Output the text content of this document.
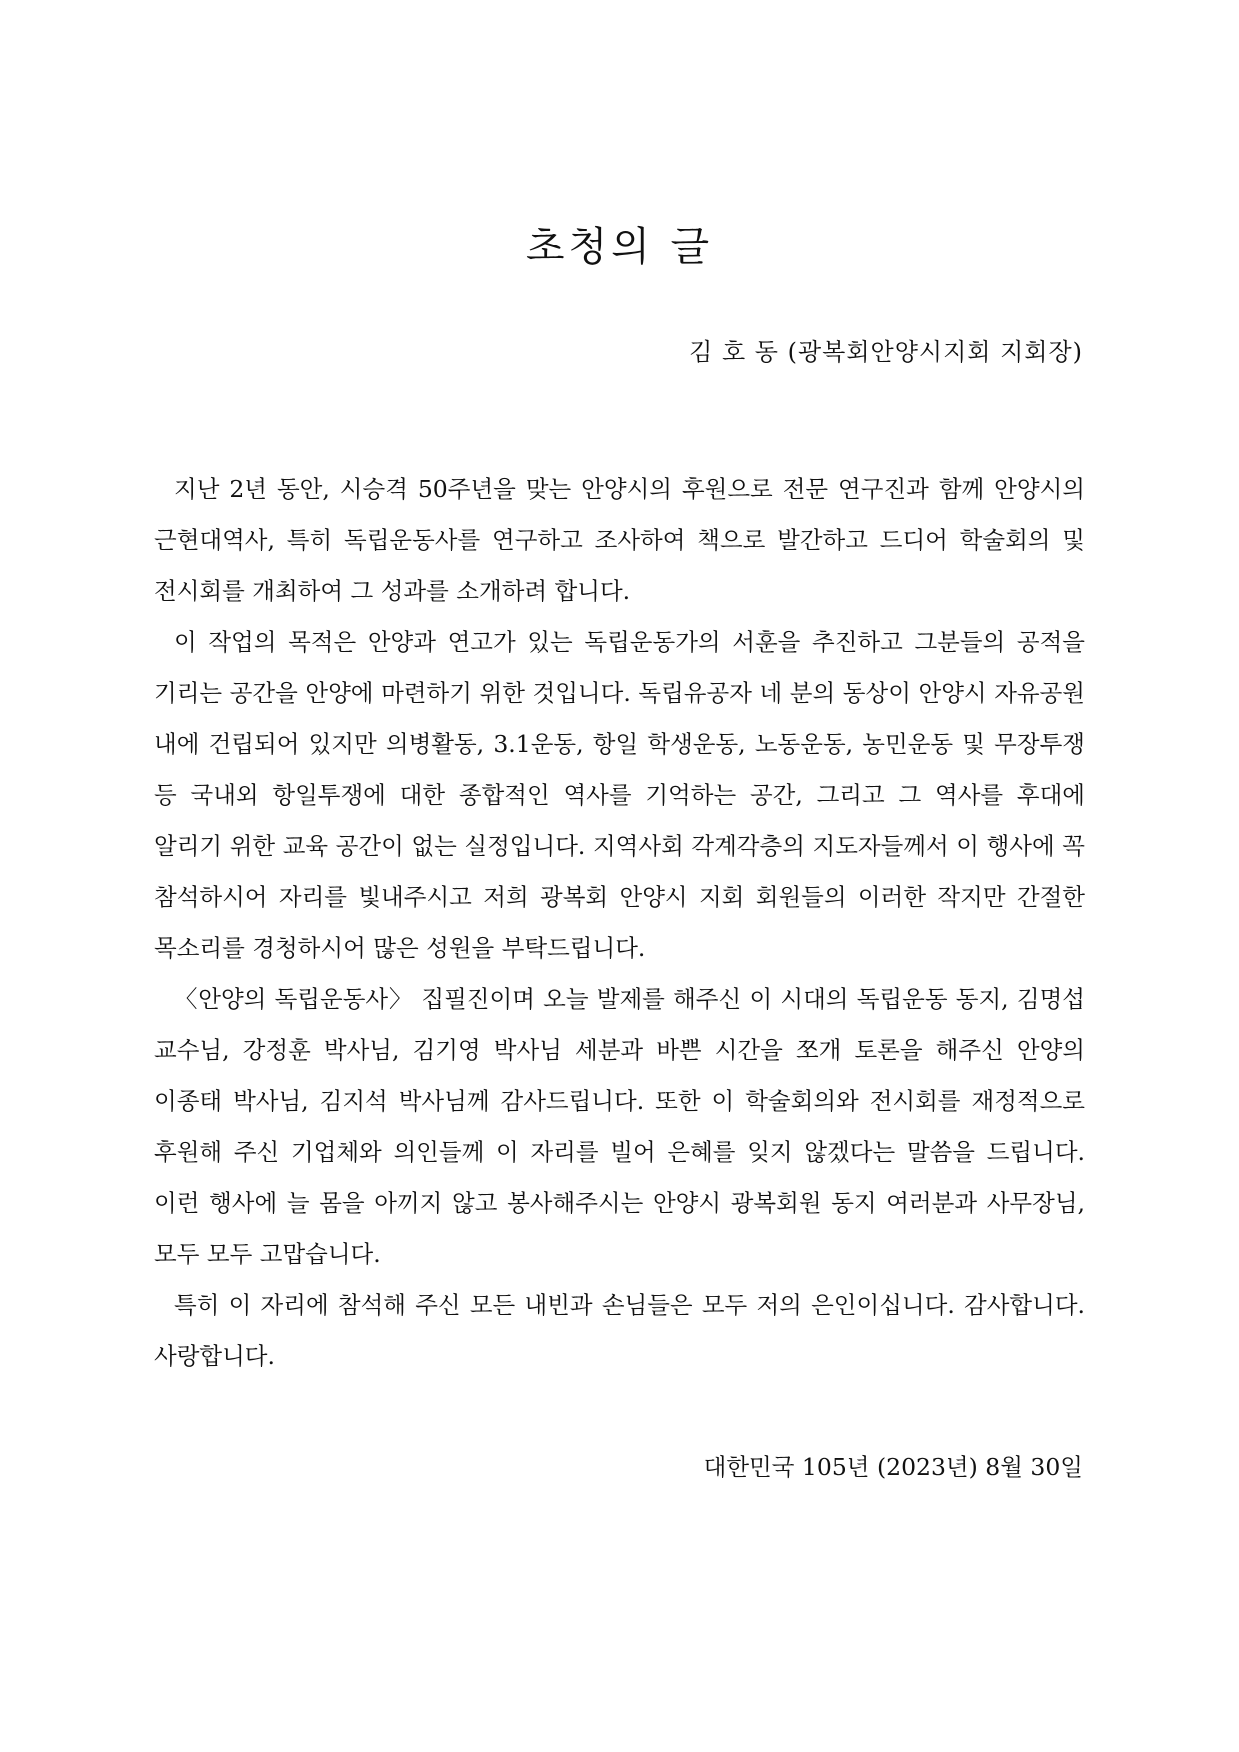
초청의 글

김 호 동 (광복회안양시지회 지회장)

지난 2년 동안, 시승격 50주년을 맞는 안양시의 후원으로 전문 연구진과 함께 안양시의 근현대역사, 특히 독립운동사를 연구하고 조사하여 책으로 발간하고 드디어 학술회의 및 전시회를 개최하여 그 성과를 소개하려 합니다.

이 작업의 목적은 안양과 연고가 있는 독립운동가의 서훈을 추진하고 그분들의 공적을 기리는 공간을 안양에 마련하기 위한 것입니다. 독립유공자 네 분의 동상이 안양시 자유공원 내에 건립되어 있지만 의병활동, 3.1운동, 항일 학생운동, 노동운동, 농민운동 및 무장투쟁 등 국내외 항일투쟁에 대한 종합적인 역사를 기억하는 공간, 그리고 그 역사를 후대에 알리기 위한 교육 공간이 없는 실정입니다. 지역사회 각계각층의 지도자들께서 이 행사에 꼭 참석하시어 자리를 빛내주시고 저희 광복회 안양시 지회 회원들의 이러한 작지만 간절한 목소리를 경청하시어 많은 성원을 부탁드립니다.

〈안양의 독립운동사〉 집필진이며 오늘 발제를 해주신 이 시대의 독립운동 동지, 김명섭 교수님, 강정훈 박사님, 김기영 박사님 세분과 바쁜 시간을 쪼개 토론을 해주신 안양의 이종태 박사님, 김지석 박사님께 감사드립니다. 또한 이 학술회의와 전시회를 재정적으로 후원해 주신 기업체와 의인들께 이 자리를 빌어 은혜를 잊지 않겠다는 말씀을 드립니다. 이런 행사에 늘 몸을 아끼지 않고 봉사해주시는 안양시 광복회원 동지 여러분과 사무장님, 모두 모두 고맙습니다.

특히 이 자리에 참석해 주신 모든 내빈과 손님들은 모두 저의 은인이십니다. 감사합니다. 사랑합니다.

대한민국 105년 (2023년) 8월 30일
